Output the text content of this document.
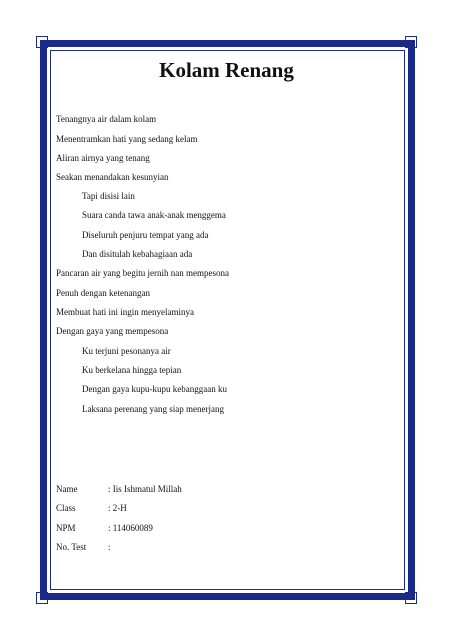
Kolam Renang
Tenangnya air dalam kolam
Menentramkan hati yang sedang kelam
Aliran airnya yang tenang
Seakan menandakan kesunyian
Tapi disisi lain
Suara canda tawa anak-anak menggema
Diseluruh penjuru tempat yang ada
Dan disitulah kebahagiaan ada
Pancaran air yang begitu jernih nan mempesona
Penuh dengan ketenangan
Membuat hati ini ingin menyelaminya
Dengan gaya yang mempesona
Ku terjuni pesonanya air
Ku berkelana hingga tepian
Dengan gaya kupu-kupu kebanggaan ku
Laksana perenang yang siap menerjang
Name	: Iis Ishmatul Millah
Class	: 2-H
NPM	: 114060089
No. Test :
